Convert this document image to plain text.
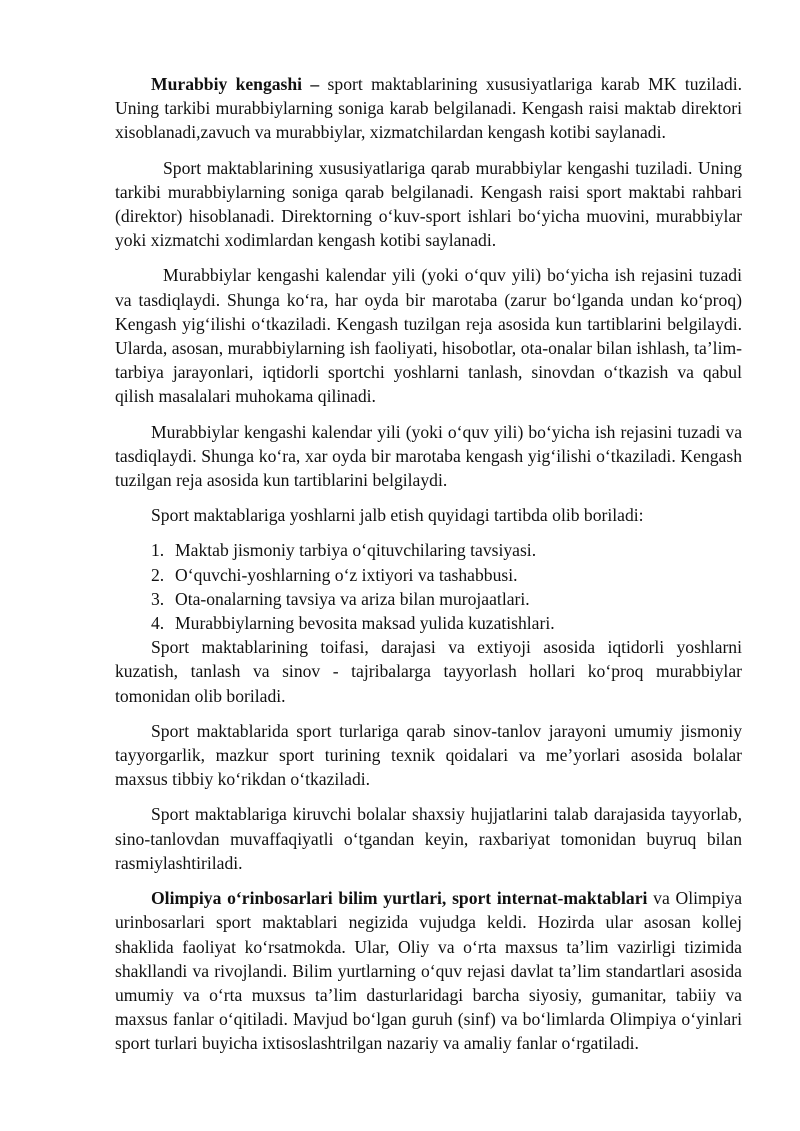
Murabbiy kengashi – sport maktablarining xususiyatlariga karab MK tuziladi. Uning tarkibi murabbiylarning soniga karab belgilanadi. Kengash raisi maktab direktori xisoblanadi,zavuch va murabbiylar, xizmatchilardan kengash kotibi saylanadi.

Sport maktablarining xususiyatlariga qarab murabbiylar kengashi tuziladi. Uning tarkibi murabbiylarning soniga qarab belgilanadi. Kengash raisi sport maktabi rahbari (direktor) hisoblanadi. Direktorning o‘kuv-sport ishlari bo‘yicha muovini, murabbiylar yoki xizmatchi xodimlardan kengash kotibi saylanadi.

Murabbiylar kengashi kalendar yili (yoki o‘quv yili) bo‘yicha ish rejasini tuzadi va tasdiqlaydi. Shunga ko‘ra, har oyda bir marotaba (zarur bo‘lganda undan ko‘proq) Kengash yig‘ilishi o‘tkaziladi. Kengash tuzilgan reja asosida kun tartiblarini belgilaydi. Ularda, asosan, murabbiylarning ish faoliyati, hisobotlar, ota-onalar bilan ishlash, ta’lim-tarbiya jarayonlari, iqtidorli sportchi yoshlarni tanlash, sinovdan o‘tkazish va qabul qilish masalalari muhokama qilinadi.

Murabbiylar kengashi kalendar yili (yoki o‘quv yili) bo‘yicha ish rejasini tuzadi va tasdiqlaydi. Shunga ko‘ra, xar oyda bir marotaba kengash yig‘ilishi o‘tkaziladi. Kengash tuzilgan reja asosida kun tartiblarini belgilaydi.

Sport maktablariga yoshlarni jalb etish quyidagi tartibda olib boriladi:

1. Maktab jismoniy tarbiya o‘qituvchilaring tavsiyasi.
2. O‘quvchi-yoshlarning o‘z ixtiyori va tashabbusi.
3. Ota-onalarning tavsiya va ariza bilan murojaatlari.
4. Murabbiylarning bevosita maksad yulida kuzatishlari.

Sport maktablarining toifasi, darajasi va extiyoji asosida iqtidorli yoshlarni kuzatish, tanlash va sinov - tajribalarga tayyorlash hollari ko‘proq murabbiylar tomonidan olib boriladi.

Sport maktablarida sport turlariga qarab sinov-tanlov jarayoni umumiy jismoniy tayyorgarlik, mazkur sport turining texnik qoidalari va me’yorlari asosida bolalar maxsus tibbiy ko‘rikdan o‘tkaziladi.

Sport maktablariga kiruvchi bolalar shaxsiy hujjatlarini talab darajasida tayyorlab, sino-tanlovdan muvaffaqiyatli o‘tgandan keyin, raxbariyat tomonidan buyruq bilan rasmiylashtiriladi.

Olimpiya o‘rinbosarlari bilim yurtlari, sport internat-maktablari va Olimpiya urinbosarlari sport maktablari negizida vujudga keldi. Hozirda ular asosan kollej shaklida faoliyat ko‘rsatmokda. Ular, Oliy va o‘rta maxsus ta’lim vazirligi tizimida shakllandi va rivojlandi. Bilim yurtlarning o‘quv rejasi davlat ta’lim standartlari asosida umumiy va o‘rta muxsus ta’lim dasturlaridagi barcha siyosiy, gumanitar, tabiiy va maxsus fanlar o‘qitiladi. Mavjud bo‘lgan guruh (sinf) va bo‘limlarda Olimpiya o‘yinlari sport turlari buyicha ixtisoslashtrilgan nazariy va amaliy fanlar o‘rgatiladi.
